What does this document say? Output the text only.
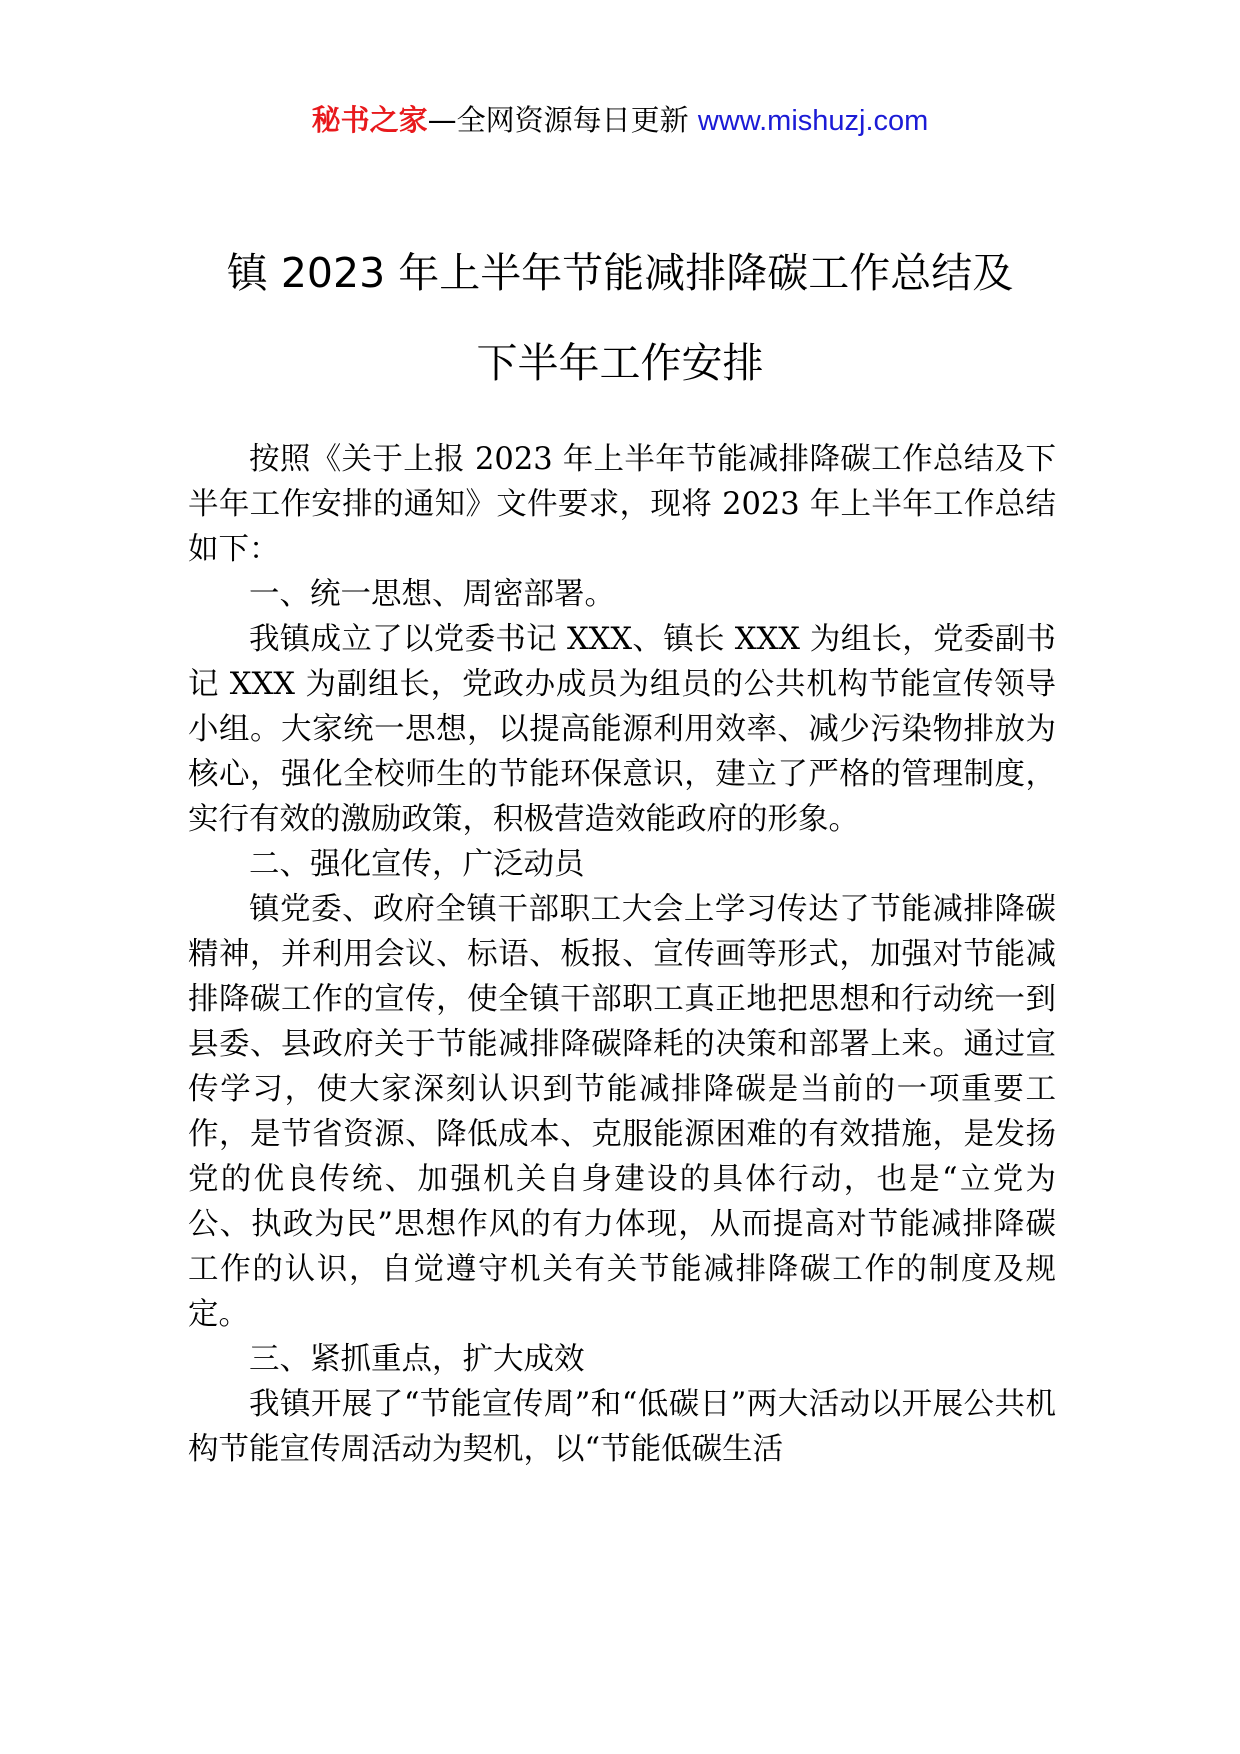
秘书之家—全网资源每日更新 www.mishuzj.com
镇 2023 年上半年节能减排降碳工作总结及
下半年工作安排

按照《关于上报 2023 年上半年节能减排降碳工作总结及下半年工作安排的通知》文件要求，现将 2023 年上半年工作总结如下：

一、统一思想、周密部署。

我镇成立了以党委书记 XXX、镇长 XXX 为组长，党委副书记 XXX 为副组长，党政办成员为组员的公共机构节能宣传领导小组。大家统一思想，以提高能源利用效率、减少污染物排放为核心，强化全校师生的节能环保意识，建立了严格的管理制度，实行有效的激励政策，积极营造效能政府的形象。

二、强化宣传，广泛动员

镇党委、政府全镇干部职工大会上学习传达了节能减排降碳精神，并利用会议、标语、板报、宣传画等形式，加强对节能减排降碳工作的宣传，使全镇干部职工真正地把思想和行动统一到县委、县政府关于节能减排降碳降耗的决策和部署上来。通过宣传学习，使大家深刻认识到节能减排降碳是当前的一项重要工作，是节省资源、降低成本、克服能源困难的有效措施，是发扬党的优良传统、加强机关自身建设的具体行动，也是“立党为公、执政为民”思想作风的有力体现，从而提高对节能减排降碳工作的认识，自觉遵守机关有关节能减排降碳工作的制度及规定。

三、紧抓重点，扩大成效

我镇开展了“节能宣传周”和“低碳日”两大活动以开展公共机构节能宣传周活动为契机，以“节能低碳生活
